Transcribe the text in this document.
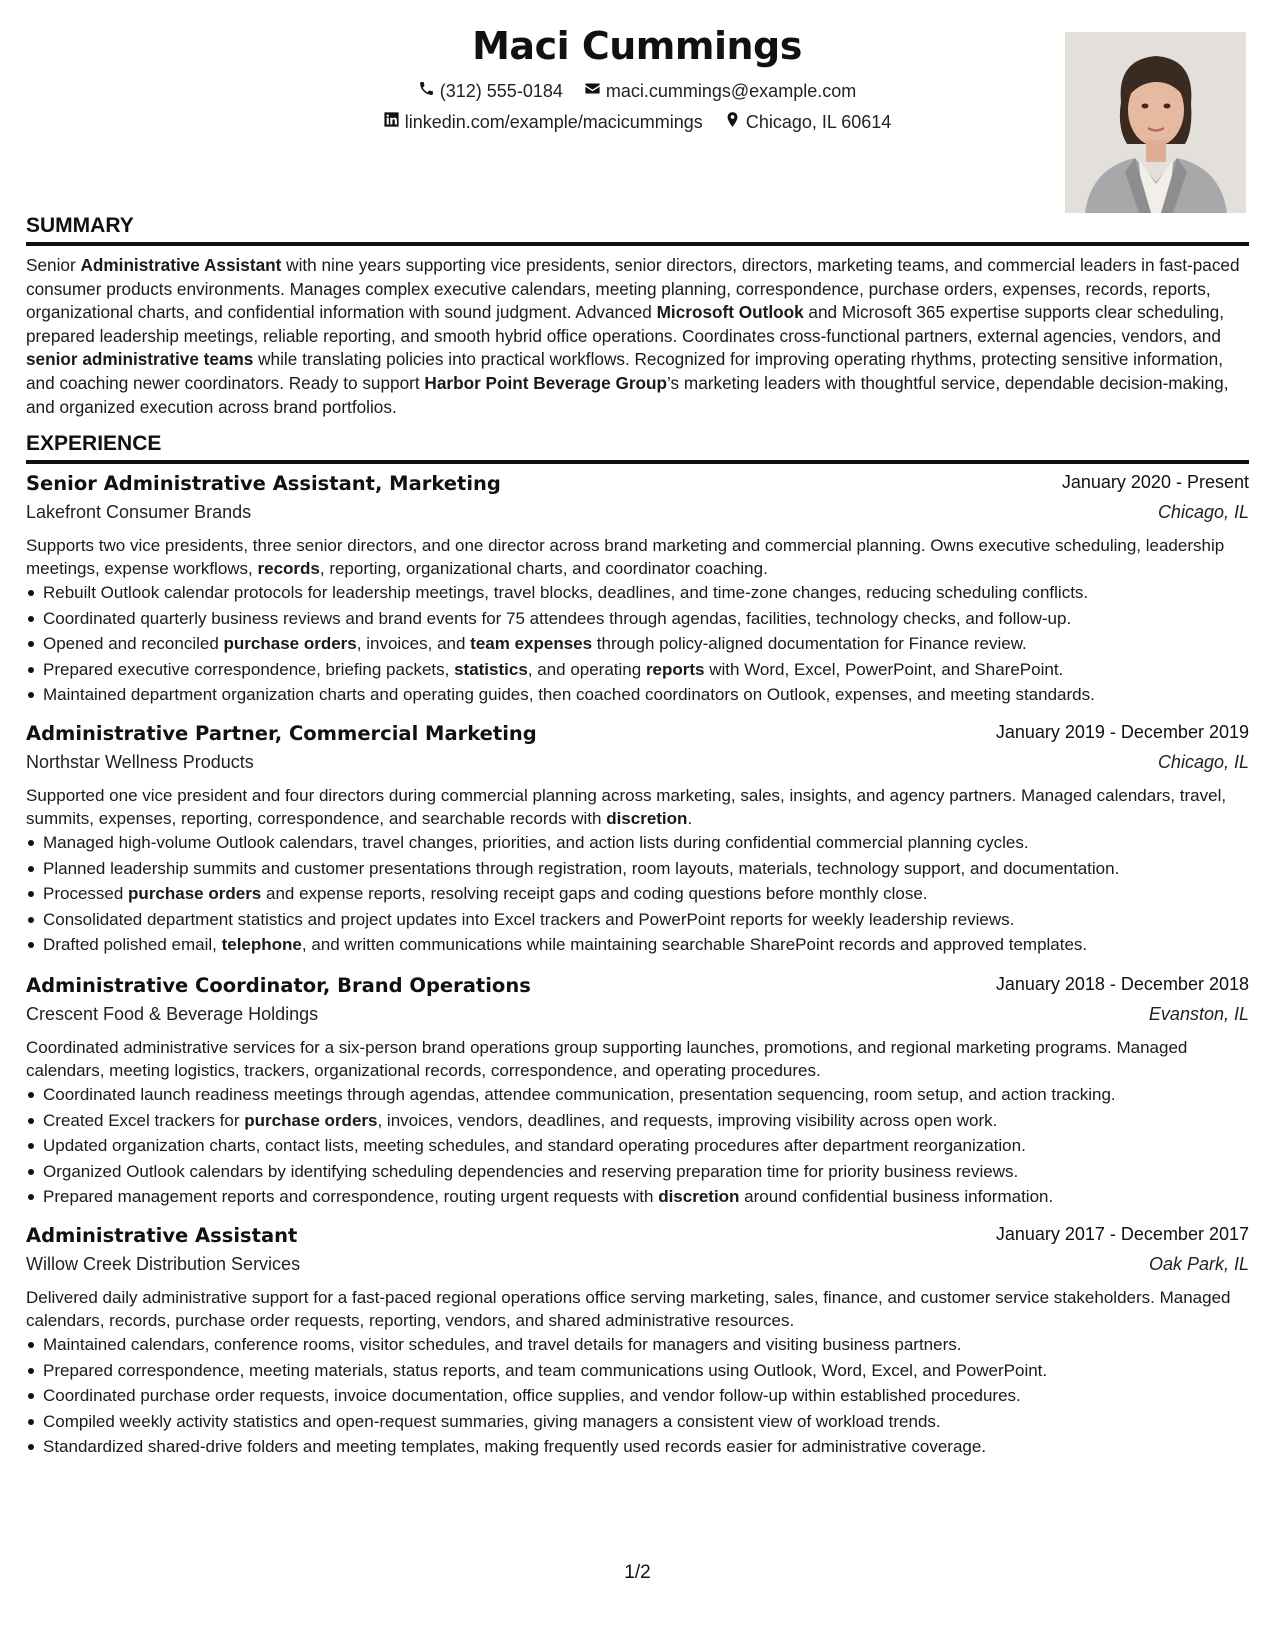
Maci Cummings
(312) 555-0184
maci.cummings@example.com
linkedin.com/example/macicummings
Chicago, IL 60614
SUMMARY
Senior Administrative Assistant with nine years supporting vice presidents, senior directors, directors, marketing teams, and commercial leaders in fast-paced consumer products environments. Manages complex executive calendars, meeting planning, correspondence, purchase orders, expenses, records, reports, organizational charts, and confidential information with sound judgment. Advanced Microsoft Outlook and Microsoft 365 expertise supports clear scheduling, prepared leadership meetings, reliable reporting, and smooth hybrid office operations. Coordinates cross-functional partners, external agencies, vendors, and senior administrative teams while translating policies into practical workflows. Recognized for improving operating rhythms, protecting sensitive information, and coaching newer coordinators. Ready to support Harbor Point Beverage Group’s marketing leaders with thoughtful service, dependable decision-making, and organized execution across brand portfolios.
EXPERIENCE
Senior Administrative Assistant, Marketing	January 2020 - Present
Lakefront Consumer Brands	Chicago, IL

Supports two vice presidents, three senior directors, and one director across brand marketing and commercial planning. Owns executive scheduling, leadership meetings, expense workflows, records, reporting, organizational charts, and coordinator coaching.

Rebuilt Outlook calendar protocols for leadership meetings, travel blocks, deadlines, and time-zone changes, reducing scheduling conflicts.
Coordinated quarterly business reviews and brand events for 75 attendees through agendas, facilities, technology checks, and follow-up.
Opened and reconciled purchase orders, invoices, and team expenses through policy-aligned documentation for Finance review.
Prepared executive correspondence, briefing packets, statistics, and operating reports with Word, Excel, PowerPoint, and SharePoint.
Maintained department organization charts and operating guides, then coached coordinators on Outlook, expenses, and meeting standards.
Administrative Partner, Commercial Marketing	January 2019 - December 2019
Northstar Wellness Products	Chicago, IL

Supported one vice president and four directors during commercial planning across marketing, sales, insights, and agency partners. Managed calendars, travel, summits, expenses, reporting, correspondence, and searchable records with discretion.

Managed high-volume Outlook calendars, travel changes, priorities, and action lists during confidential commercial planning cycles.
Planned leadership summits and customer presentations through registration, room layouts, materials, technology support, and documentation.
Processed purchase orders and expense reports, resolving receipt gaps and coding questions before monthly close.
Consolidated department statistics and project updates into Excel trackers and PowerPoint reports for weekly leadership reviews.
Drafted polished email, telephone, and written communications while maintaining searchable SharePoint records and approved templates.
Administrative Coordinator, Brand Operations	January 2018 - December 2018
Crescent Food & Beverage Holdings	Evanston, IL

Coordinated administrative services for a six-person brand operations group supporting launches, promotions, and regional marketing programs. Managed calendars, meeting logistics, trackers, organizational records, correspondence, and operating procedures.

Coordinated launch readiness meetings through agendas, attendee communication, presentation sequencing, room setup, and action tracking.
Created Excel trackers for purchase orders, invoices, vendors, deadlines, and requests, improving visibility across open work.
Updated organization charts, contact lists, meeting schedules, and standard operating procedures after department reorganization.
Organized Outlook calendars by identifying scheduling dependencies and reserving preparation time for priority business reviews.
Prepared management reports and correspondence, routing urgent requests with discretion around confidential business information.
Administrative Assistant	January 2017 - December 2017
Willow Creek Distribution Services	Oak Park, IL

Delivered daily administrative support for a fast-paced regional operations office serving marketing, sales, finance, and customer service stakeholders. Managed calendars, records, purchase order requests, reporting, vendors, and shared administrative resources.

Maintained calendars, conference rooms, visitor schedules, and travel details for managers and visiting business partners.
Prepared correspondence, meeting materials, status reports, and team communications using Outlook, Word, Excel, and PowerPoint.
Coordinated purchase order requests, invoice documentation, office supplies, and vendor follow-up within established procedures.
Compiled weekly activity statistics and open-request summaries, giving managers a consistent view of workload trends.
Standardized shared-drive folders and meeting templates, making frequently used records easier for administrative coverage.
1/2
